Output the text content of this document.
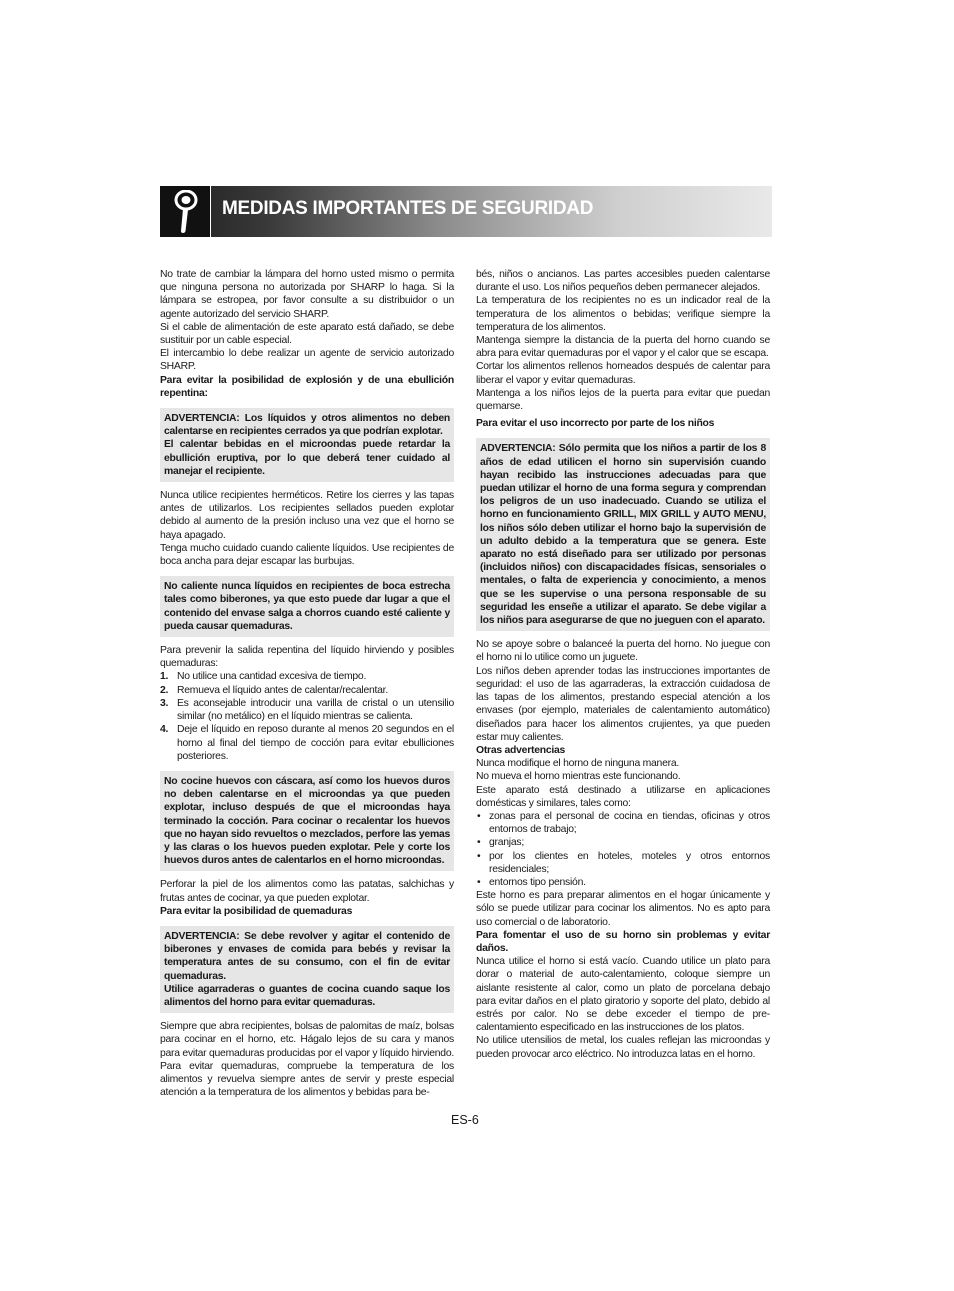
MEDIDAS IMPORTANTES DE SEGURIDAD

No trate de cambiar la lámpara del horno usted mismo o permita que ninguna persona no autorizada por SHARP lo haga. Si la lámpara se estropea, por favor consulte a su distribuidor o un agente autorizado del servicio SHARP.

Si el cable de alimentación de este aparato está dañado, se debe sustituir por un cable especial.

El intercambio lo debe realizar un agente de servicio autorizado SHARP.

Para evitar la posibilidad de explosión y de una ebullición repentina:

ADVERTENCIA: Los líquidos y otros alimentos no deben calentarse en recipientes cerrados ya que podrían explotar.

El calentar bebidas en el microondas puede retardar la ebullición eruptiva, por lo que deberá tener cuidado al manejar el recipiente.

Nunca utilice recipientes herméticos. Retire los cierres y las tapas antes de utilizarlos. Los recipientes sellados pueden explotar debido al aumento de la presión incluso una vez que el horno se haya apagado.

Tenga mucho cuidado cuando caliente líquidos. Use recipientes de boca ancha para dejar escapar las burbujas.

No caliente nunca líquidos en recipientes de boca estrecha tales como biberones, ya que esto puede dar lugar a que el contenido del envase salga a chorros cuando esté caliente y pueda causar quemaduras.

Para prevenir la salida repentina del líquido hirviendo y posibles quemaduras:

1. No utilice una cantidad excesiva de tiempo.
2. Remueva el líquido antes de calentar/recalentar.
3. Es aconsejable introducir una varilla de cristal o un utensilio similar (no metálico) en el líquido mientras se calienta.
4. Deje el líquido en reposo durante al menos 20 segundos en el horno al final del tiempo de cocción para evitar ebulliciones posteriores.

No cocine huevos con cáscara, así como los huevos duros no deben calentarse en el microondas ya que pueden explotar, incluso después de que el microondas haya terminado la cocción. Para cocinar o recalentar los huevos que no hayan sido revueltos o mezclados, perfore las yemas y las claras o los huevos pueden explotar. Pele y corte los huevos duros antes de calentarlos en el horno microondas.

Perforar la piel de los alimentos como las patatas, salchichas y frutas antes de cocinar, ya que pueden explotar.

Para evitar la posibilidad de quemaduras

ADVERTENCIA: Se debe revolver y agitar el contenido de biberones y envases de comida para bebés y revisar la temperatura antes de su consumo, con el fin de evitar quemaduras.

Utilice agarraderas o guantes de cocina cuando saque los alimentos del horno para evitar quemaduras.

Siempre que abra recipientes, bolsas de palomitas de maíz, bolsas para cocinar en el horno, etc. Hágalo lejos de su cara y manos para evitar quemaduras producidas por el vapor y líquido hirviendo.

Para evitar quemaduras, compruebe la temperatura de los alimentos y revuelva siempre antes de servir y preste especial atención a la temperatura de los alimentos y bebidas para be-

bés, niños o ancianos. Las partes accesibles pueden calentarse durante el uso. Los niños pequeños deben permanecer alejados.

La temperatura de los recipientes no es un indicador real de la temperatura de los alimentos o bebidas; verifique siempre la temperatura de los alimentos.

Mantenga siempre la distancia de la puerta del horno cuando se abra para evitar quemaduras por el vapor y el calor que se escapa.

Cortar los alimentos rellenos horneados después de calentar para liberar el vapor y evitar quemaduras.

Mantenga a los niños lejos de la puerta para evitar que puedan quemarse.

Para evitar el uso incorrecto por parte de los niños

ADVERTENCIA: Sólo permita que los niños a partir de los 8 años de edad utilicen el horno sin supervisión cuando hayan recibido las instrucciones adecuadas para que puedan utilizar el horno de una forma segura y comprendan los peligros de un uso inadecuado. Cuando se utiliza el horno en funcionamiento GRILL, MIX GRILL y AUTO MENU, los niños sólo deben utilizar el horno bajo la supervisión de un adulto debido a la temperatura que se genera. Este aparato no está diseñado para ser utilizado por personas (incluidos niños) con discapacidades físicas, sensoriales o mentales, o falta de experiencia y conocimiento, a menos que se les supervise o una persona responsable de su seguridad les enseñe a utilizar el aparato. Se debe vigilar a los niños para asegurarse de que no jueguen con el aparato.

No se apoye sobre o balanceé la puerta del horno. No juegue con el horno ni lo utilice como un juguete.

Los niños deben aprender todas las instrucciones importantes de seguridad: el uso de las agarraderas, la extracción cuidadosa de las tapas de los alimentos, prestando especial atención a los envases (por ejemplo, materiales de calentamiento automático) diseñados para hacer los alimentos crujientes, ya que pueden estar muy calientes.

Otras advertencias

Nunca modifique el horno de ninguna manera.

No mueva el horno mientras este funcionando.

Este aparato está destinado a utilizarse en aplicaciones domésticas y similares, tales como:

• zonas para el personal de cocina en tiendas, oficinas y otros entornos de trabajo;
• granjas;
• por los clientes en hoteles, moteles y otros entornos residenciales;
• entornos tipo pensión.

Este horno es para preparar alimentos en el hogar únicamente y sólo se puede utilizar para cocinar los alimentos. No es apto para uso comercial o de laboratorio.

Para fomentar el uso de su horno sin problemas y evitar daños.

Nunca utilice el horno si está vacío. Cuando utilice un plato para dorar o material de auto-calentamiento, coloque siempre un aislante resistente al calor, como un plato de porcelana debajo para evitar daños en el plato giratorio y soporte del plato, debido al estrés por calor. No se debe exceder el tiempo de pre-calentamiento especificado en las instrucciones de los platos.

No utilice utensilios de metal, los cuales reflejan las microondas y pueden provocar arco eléctrico. No introduzca latas en el horno.

ES-6
